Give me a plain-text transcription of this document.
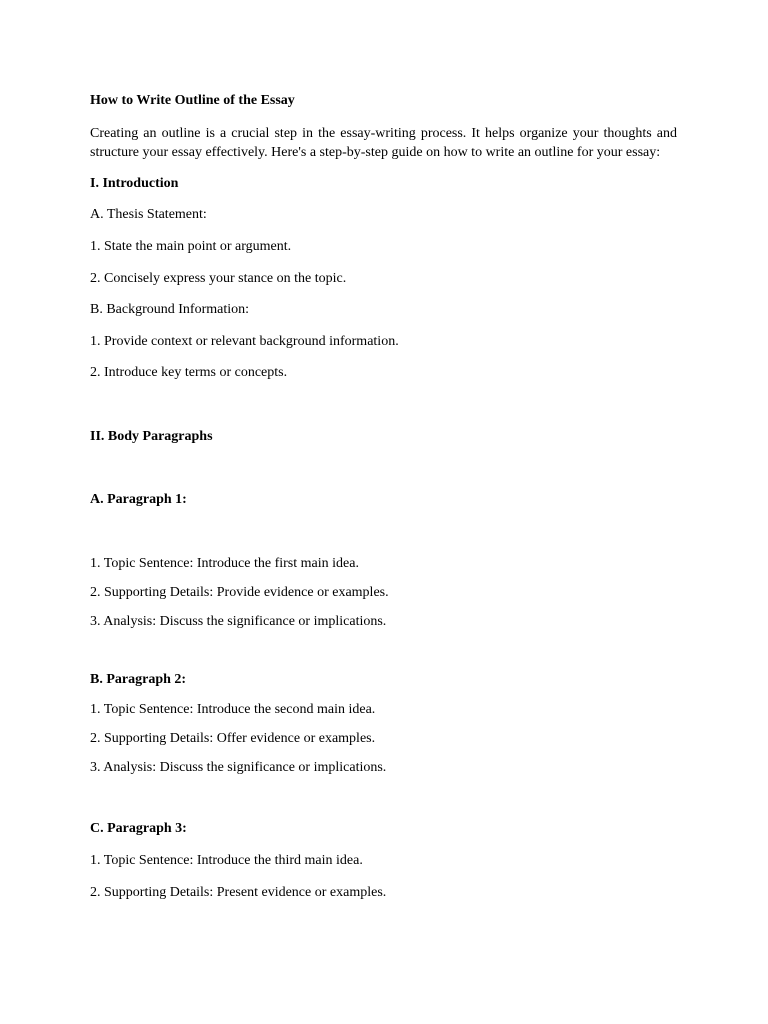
How to Write Outline of the Essay
Creating an outline is a crucial step in the essay-writing process. It helps organize your thoughts and structure your essay effectively. Here's a step-by-step guide on how to write an outline for your essay:
I. Introduction
A. Thesis Statement:
1. State the main point or argument.
2. Concisely express your stance on the topic.
B. Background Information:
1. Provide context or relevant background information.
2. Introduce key terms or concepts.
II. Body Paragraphs
A. Paragraph 1:
1. Topic Sentence: Introduce the first main idea.
2. Supporting Details: Provide evidence or examples.
3. Analysis: Discuss the significance or implications.
B. Paragraph 2:
1. Topic Sentence: Introduce the second main idea.
2. Supporting Details: Offer evidence or examples.
3. Analysis: Discuss the significance or implications.
C. Paragraph 3:
1. Topic Sentence: Introduce the third main idea.
2. Supporting Details: Present evidence or examples.
